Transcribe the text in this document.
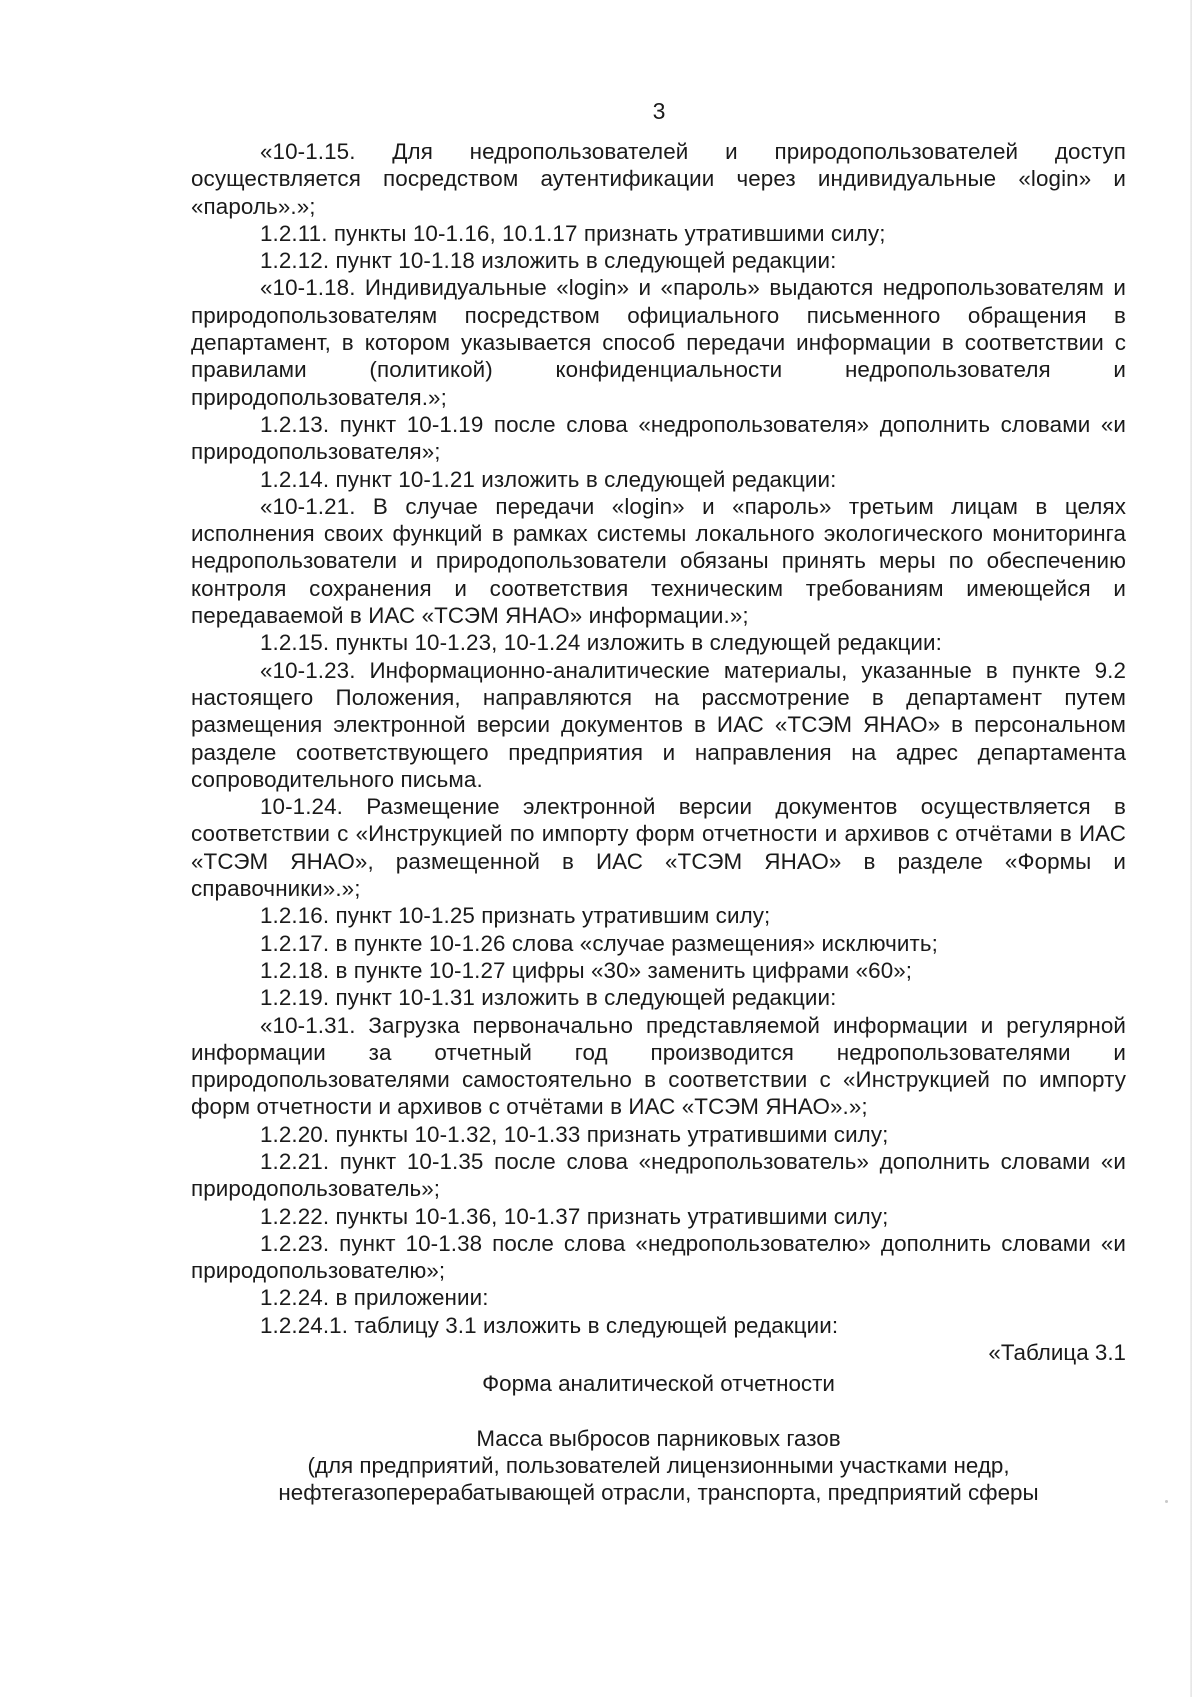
3

«10-1.15. Для недропользователей и природопользователей доступ осуществляется посредством аутентификации через индивидуальные «login» и «пароль».»;

1.2.11. пункты 10-1.16, 10.1.17 признать утратившими силу;

1.2.12. пункт 10-1.18 изложить в следующей редакции:

«10-1.18. Индивидуальные «login» и «пароль» выдаются недропользователям и природопользователям посредством официального письменного обращения в департамент, в котором указывается способ передачи информации в соответствии с правилами (политикой) конфиденциальности недропользователя и природопользователя.»;

1.2.13. пункт 10-1.19 после слова «недропользователя» дополнить словами «и природопользователя»;

1.2.14. пункт 10-1.21 изложить в следующей редакции:

«10-1.21. В случае передачи «login» и «пароль» третьим лицам в целях исполнения своих функций в рамках системы локального экологического мониторинга недропользователи и природопользователи обязаны принять меры по обеспечению контроля сохранения и соответствия техническим требованиям имеющейся и передаваемой в ИАС «ТСЭМ ЯНАО» информации.»;

1.2.15. пункты 10-1.23, 10-1.24 изложить в следующей редакции:

«10-1.23. Информационно-аналитические материалы, указанные в пункте 9.2 настоящего Положения, направляются на рассмотрение в департамент путем размещения электронной версии документов в ИАС «ТСЭМ ЯНАО» в персональном разделе соответствующего предприятия и направления на адрес департамента сопроводительного письма.

10-1.24. Размещение электронной версии документов осуществляется в соответствии с «Инструкцией по импорту форм отчетности и архивов с отчётами в ИАС «ТСЭМ ЯНАО», размещенной в ИАС «ТСЭМ ЯНАО» в разделе «Формы и справочники».»;

1.2.16. пункт 10-1.25 признать утратившим силу;

1.2.17. в пункте 10-1.26 слова «случае размещения» исключить;

1.2.18. в пункте 10-1.27 цифры «30» заменить цифрами «60»;

1.2.19. пункт 10-1.31 изложить в следующей редакции:

«10-1.31. Загрузка первоначально представляемой информации и регулярной информации за отчетный год производится недропользователями и природопользователями самостоятельно в соответствии с «Инструкцией по импорту форм отчетности и архивов с отчётами в ИАС «ТСЭМ ЯНАО».»;

1.2.20. пункты 10-1.32, 10-1.33 признать утратившими силу;

1.2.21. пункт 10-1.35 после слова «недропользователь» дополнить словами «и природопользователь»;

1.2.22. пункты 10-1.36, 10-1.37 признать утратившими силу;

1.2.23. пункт 10-1.38 после слова «недропользователю» дополнить словами «и природопользователю»;

1.2.24. в приложении:

1.2.24.1. таблицу 3.1 изложить в следующей редакции:

«Таблица 3.1

Форма аналитической отчетности

Масса выбросов парниковых газов

(для предприятий, пользователей лицензионными участками недр,

нефтегазоперерабатывающей отрасли, транспорта, предприятий сферы
